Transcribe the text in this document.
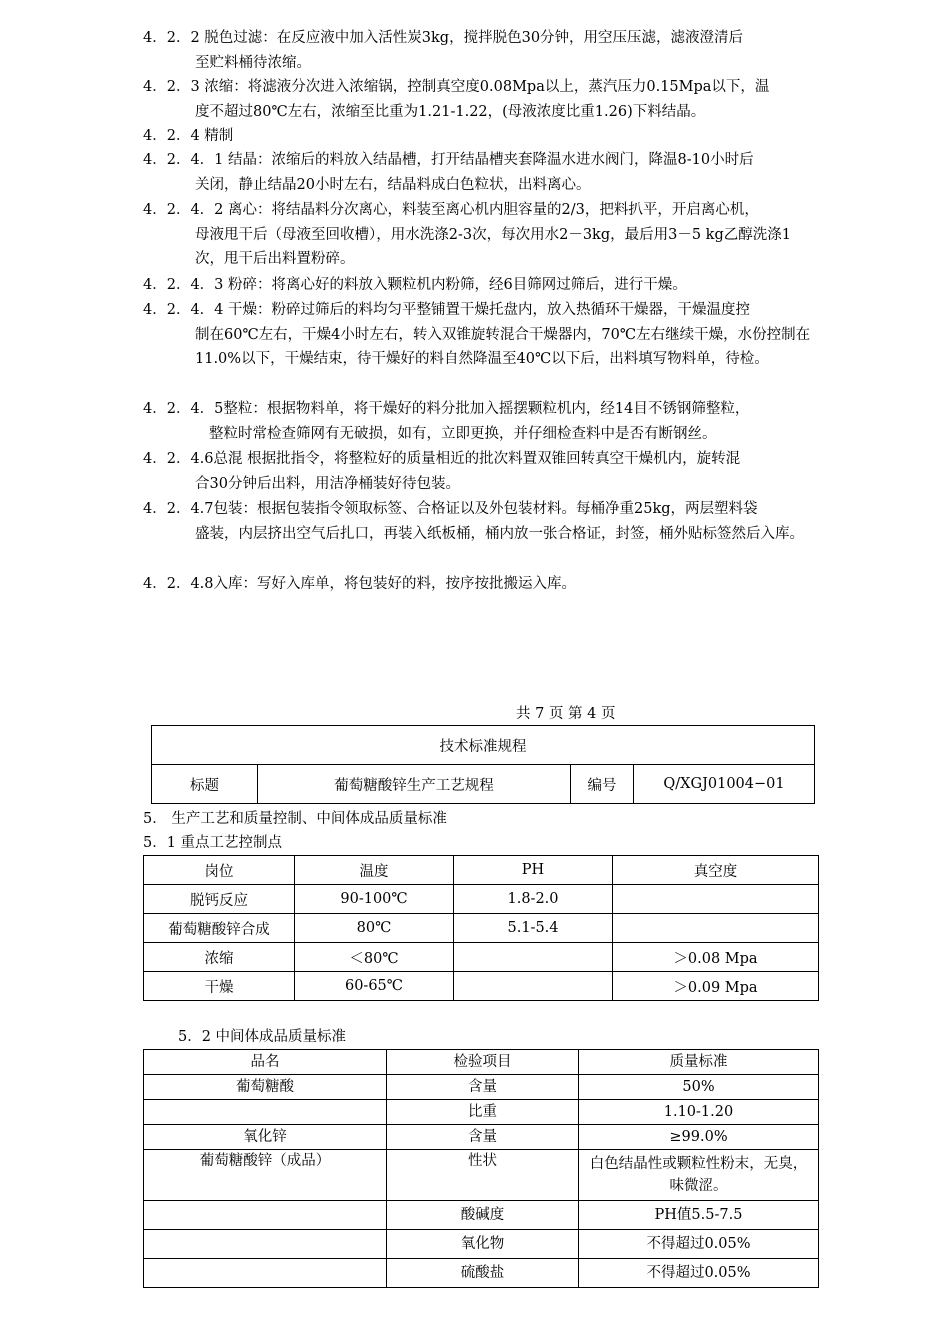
4．2．2 脱色过滤：在反应液中加入活性炭3kg，搅拌脱色30分钟，用空压压滤，滤液澄清后
至贮料桶待浓缩。
4．2．3 浓缩：将滤液分次进入浓缩锅，控制真空度0.08Mpa以上，蒸汽压力0.15Mpa以下，温
度不超过80℃左右，浓缩至比重为1.21-1.22，(母液浓度比重1.26)下料结晶。
4．2．4 精制
4．2．4．1 结晶：浓缩后的料放入结晶槽，打开结晶槽夹套降温水进水阀门，降温8-10小时后
关闭，静止结晶20小时左右，结晶料成白色粒状，出料离心。
4．2．4．2 离心：将结晶料分次离心，料装至离心机内胆容量的2/3，把料扒平，开启离心机，
母液甩干后（母液至回收槽），用水洗涤2-3次，每次用水2－3kg，最后用3－5 kg乙醇洗涤1次，甩干后出料置粉碎。
4．2．4．3 粉碎：将离心好的料放入颗粒机内粉筛，经6目筛网过筛后，进行干燥。
4．2．4．4 干燥：粉碎过筛后的料均匀平整铺置干燥托盘内，放入热循环干燥器，干燥温度控
制在60℃左右，干燥4小时左右，转入双锥旋转混合干燥器内，70℃左右继续干燥，水份控制在11.0%以下，干燥结束，待干燥好的料自然降温至40℃以下后，出料填写物料单，待检。
4．2．4．5整粒：根据物料单，将干燥好的料分批加入摇摆颗粒机内，经14目不锈钢筛整粒，
整粒时常检查筛网有无破损，如有，立即更换，并仔细检查料中是否有断钢丝。
4．2．4.6总混 根据批指令，将整粒好的质量相近的批次料置双锥回转真空干燥机内，旋转混
合30分钟后出料，用洁净桶装好待包装。
4．2．4.7包装：根据包装指令领取标签、合格证以及外包装材料。每桶净重25kg，两层塑料袋
盛装，内层挤出空气后扎口，再装入纸板桶，桶内放一张合格证，封签，桶外贴标签然后入库。
4．2．4.8入库：写好入库单，将包装好的料，按序按批搬运入库。
共 7 页 第 4 页
技术标准规程
标题	葡萄糖酸锌生产工艺规程	编号	Q/XGJ01004−01
5． 生产工艺和质量控制、中间体成品质量标准
5．1 重点工艺控制点
岗位	温度	PH	真空度
脱钙反应	90-100℃	1.8-2.0	
葡萄糖酸锌合成	80℃	5.1-5.4	
浓缩	＜80℃		＞0.08 Mpa
干燥	60-65℃		＞0.09 Mpa
5．2 中间体成品质量标准
品名	检验项目	质量标准
葡萄糖酸	含量	50%
	比重	1.10-1.20
氧化锌	含量	≥99.0%
葡萄糖酸锌（成品）	性状	白色结晶性或颗粒性粉末，无臭，味微涩。
	酸碱度	PH值5.5-7.5
	氧化物	不得超过0.05%
	硫酸盐	不得超过0.05%
